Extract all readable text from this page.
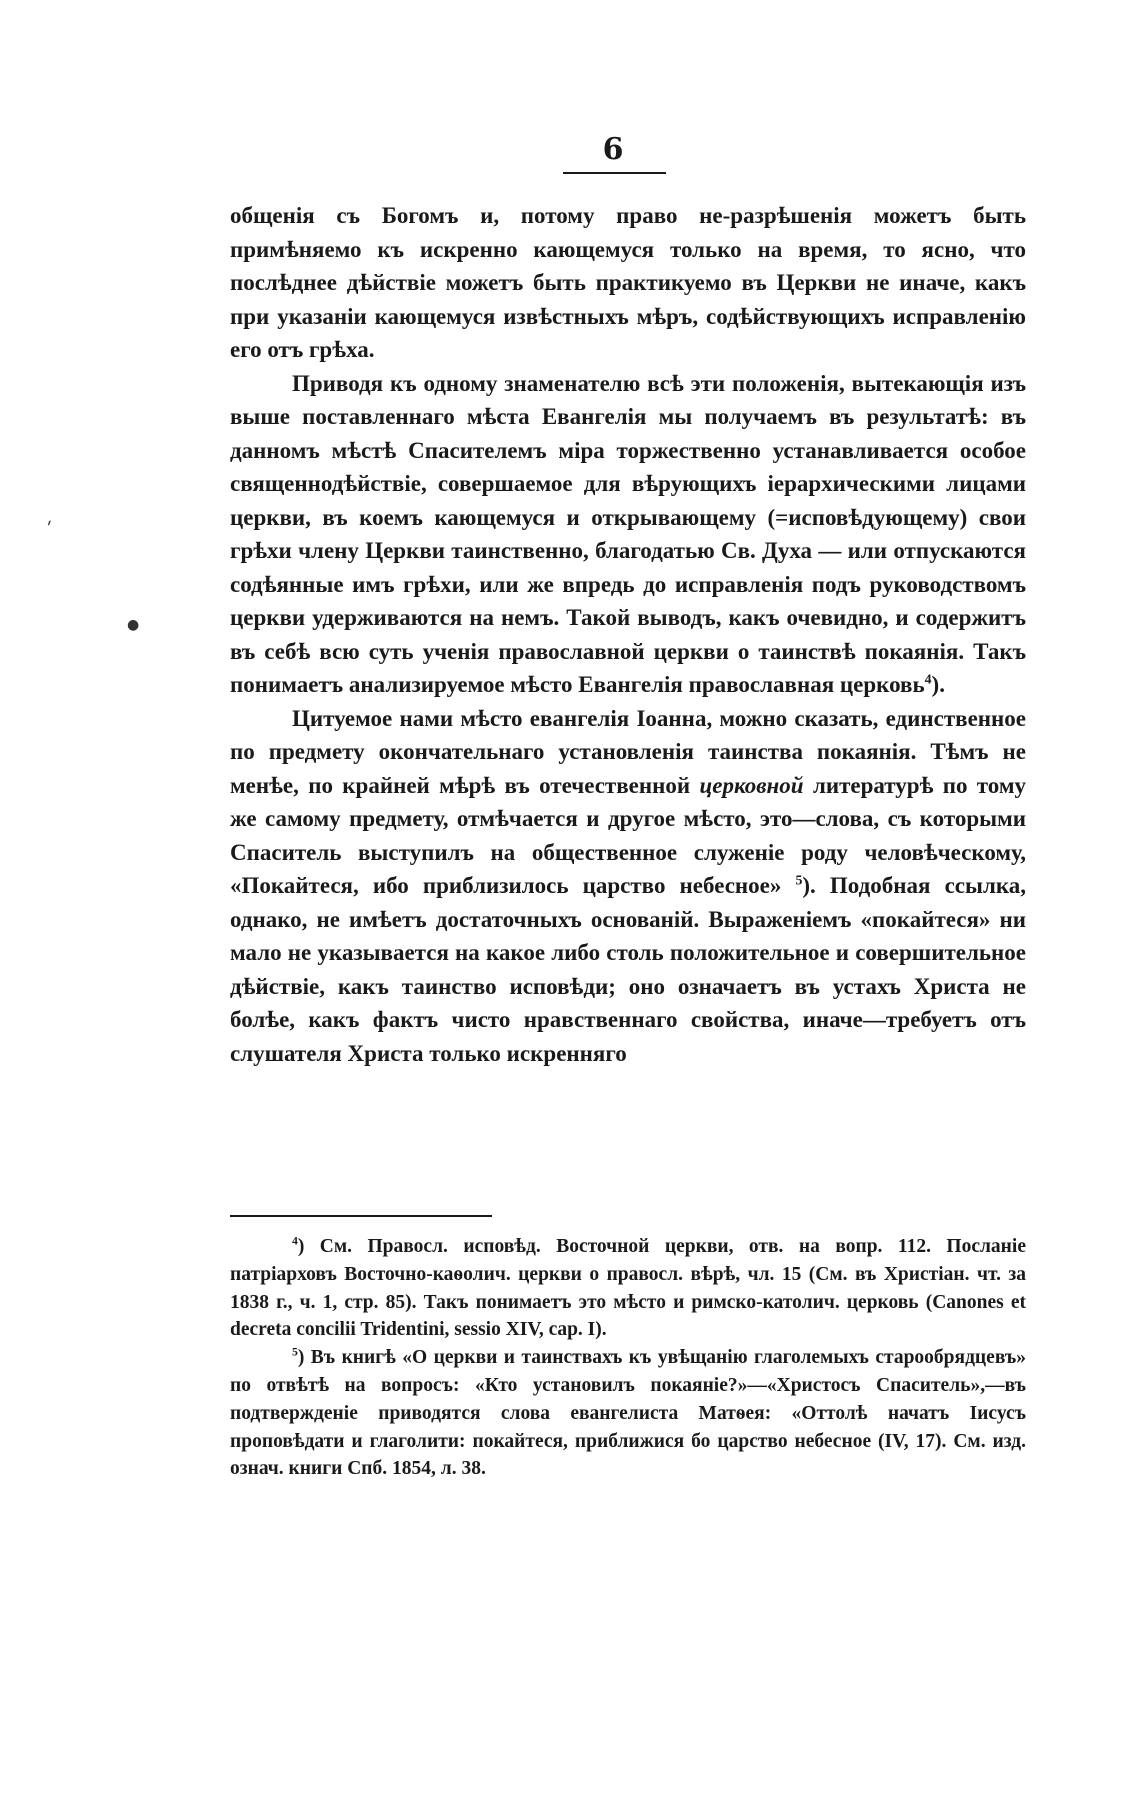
6
ˏ
●

общенія съ Богомъ и, потому право не-разрѣшенія можетъ быть примѣняемо къ искренно кающемуся только на время, то ясно, что послѣднее дѣйствіе можетъ быть практикуемо въ Церкви не иначе, какъ при указаніи кающемуся извѣстныхъ мѣръ, содѣйствующихъ исправленію его отъ грѣха.

Приводя къ одному знаменателю всѣ эти положенія, вытекающія изъ выше поставленнаго мѣста Евангелія мы получаемъ въ результатѣ: въ данномъ мѣстѣ Спасителемъ міра торжественно устанавливается особое священнодѣйствіе, совершаемое для вѣрующихъ іерархическими лицами церкви, въ коемъ кающемуся и открывающему (=исповѣдующему) свои грѣхи члену Церкви таинственно, благодатью Св. Духа — или отпускаются содѣянные имъ грѣхи, или же впредь до исправленія подъ руководствомъ церкви удерживаются на немъ. Такой выводъ, какъ очевидно, и содержитъ въ себѣ всю суть ученія православной церкви о таинствѣ покаянія. Такъ понимаетъ анализируемое мѣсто Евангелія православная церковь$^4$).

Цитуемое нами мѣсто евангелія Іоанна, можно сказать, единственное по предмету окончательнаго установленія таинства покаянія. Тѣмъ не менѣе, по крайней мѣрѣ въ отечественной церковной литературѣ по тому же самому предмету, отмѣчается и другое мѣсто, это—слова, съ которыми Спаситель выступилъ на общественное служеніе роду человѣческому, «Покайтеся, ибо приблизилось царство небесное» $^5$). Подобная ссылка, однако, не имѣетъ достаточныхъ основаній. Выраженіемъ «покайтеся» ни мало не указывается на какое либо столь положительное и совершительное дѣйствіе, какъ таинство исповѣди; оно означаетъ въ устахъ Христа не болѣе, какъ фактъ чисто нравственнаго свойства, иначе—требуетъ отъ слушателя Христа только искренняго

$^4$) См. Правосл. исповѣд. Восточной церкви, отв. на вопр. 112. Посланіе патріарховъ Восточно-каѳолич. церкви о правосл. вѣрѣ, чл. 15 (См. въ Христіан. чт. за 1838 г., ч. 1, стр. 85). Такъ понимаетъ это мѣсто и римско-католич. церковь (Canones et decreta concilii Tridentini, sessio XIV, cap. I).

$^5$) Въ книгѣ «О церкви и таинствахъ къ увѣщанію глаголемыхъ старообрядцевъ» по отвѣтѣ на вопросъ: «Кто установилъ покаяніе?»—«Христосъ Спаситель»,—въ подтвержденіе приводятся слова евангелиста Матѳея: «Оттолѣ начатъ Іисусъ проповѣдати и глаголити: покайтеся, приближися бо царство небесное (IV, 17). См. изд. означ. книги Спб. 1854, л. 38.
